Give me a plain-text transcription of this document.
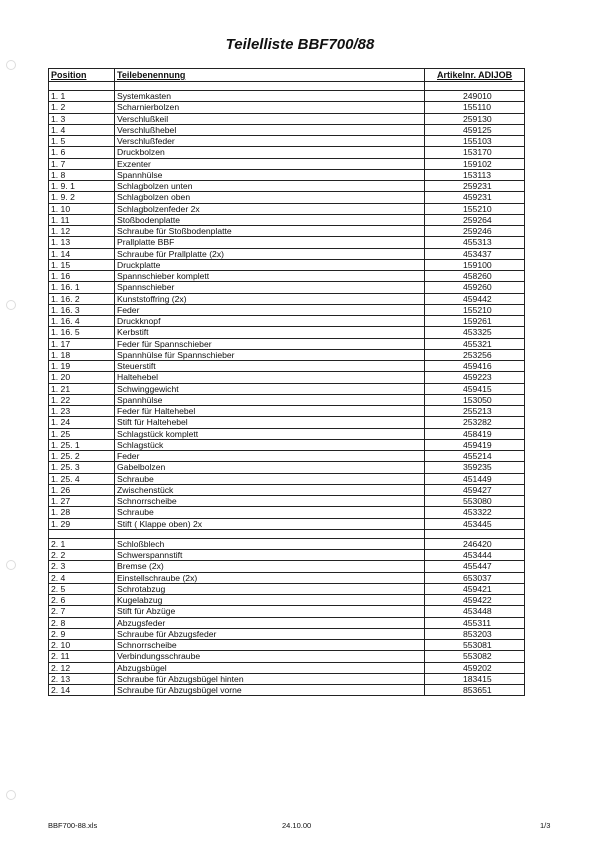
Teilelliste BBF700/88
Position	Teilebenennung	Artikelnr. ADIJOB
1. 1	Systemkasten	249010
1. 2	Scharnierbolzen	155110
1. 3	Verschlußkeil	259130
1. 4	Verschlußhebel	459125
1. 5	Verschlußfeder	155103
1. 6	Druckbolzen	153170
1. 7	Exzenter	159102
1. 8	Spannhülse	153113
1. 9. 1	Schlagbolzen unten	259231
1. 9. 2	Schlagbolzen oben	459231
1. 10	Schlagbolzenfeder 2x	155210
1. 11	Stoßbodenplatte	259264
1. 12	Schraube für Stoßbodenplatte	259246
1. 13	Prallplatte BBF	455313
1. 14	Schraube für Prallplatte (2x)	453437
1. 15	Druckplatte	159100
1. 16	Spannschieber komplett	458260
1. 16. 1	Spannschieber	459260
1. 16. 2	Kunststoffring (2x)	459442
1. 16. 3	Feder	155210
1. 16. 4	Druckknopf	159261
1. 16. 5	Kerbstift	453325
1. 17	Feder für Spannschieber	455321
1. 18	Spannhülse für Spannschieber	253256
1. 19	Steuerstift	459416
1. 20	Haltehebel	459223
1. 21	Schwinggewicht	459415
1. 22	Spannhülse	153050
1. 23	Feder für Haltehebel	255213
1. 24	Stift für Haltehebel	253282
1. 25	Schlagstück komplett	458419
1. 25. 1	Schlagstück	459419
1. 25. 2	Feder	455214
1. 25. 3	Gabelbolzen	359235
1. 25. 4	Schraube	451449
1. 26	Zwischenstück	459427
1. 27	Schnorrscheibe	553080
1. 28	Schraube	453322
1. 29	Stift ( Klappe oben) 2x	453445
2. 1	Schloßblech	246420
2. 2	Schwerspannstift	453444
2. 3	Bremse (2x)	455447
2. 4	Einstellschraube (2x)	653037
2. 5	Schrotabzug	459421
2. 6	Kugelabzug	459422
2. 7	Stift für Abzüge	453448
2. 8	Abzugsfeder	455311
2. 9	Schraube für Abzugsfeder	853203
2. 10	Schnorrscheibe	553081
2. 11	Verbindungsschraube	553082
2. 12	Abzugsbügel	459202
2. 13	Schraube für Abzugsbügel hinten	183415
2. 14	Schraube für Abzugsbügel vorne	853651
BBF700-88.xls	24.10.00	1/3
